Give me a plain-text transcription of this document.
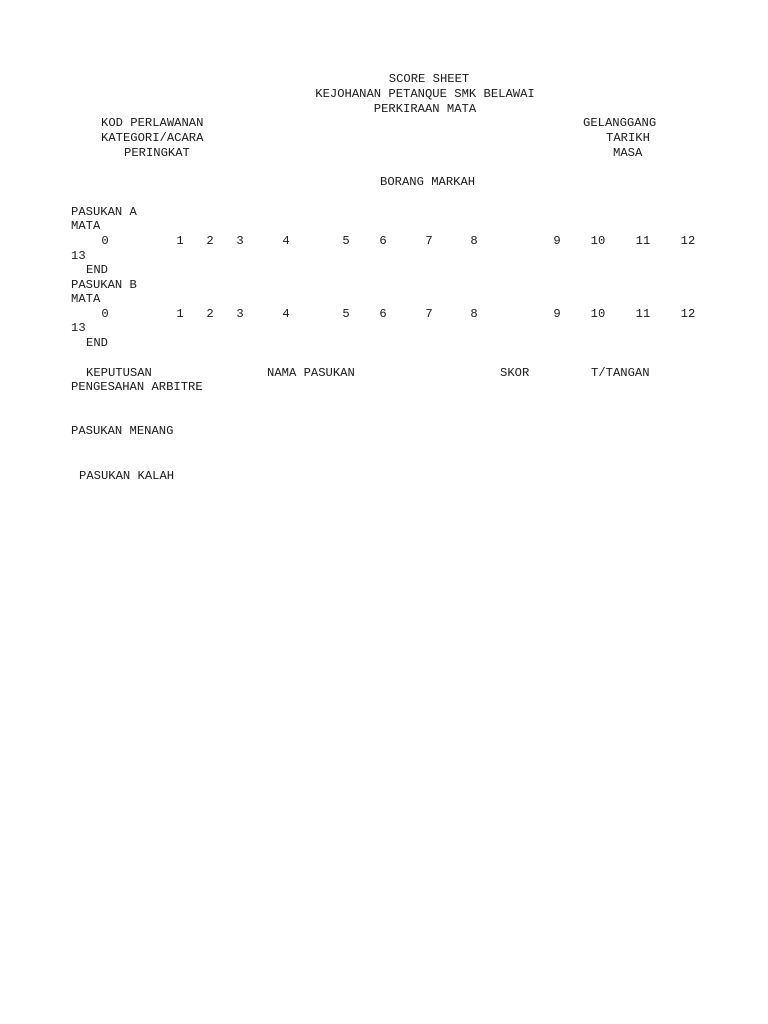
SCORE SHEET
KEJOHANAN PETANQUE SMK BELAWAI
PERKIRAAN MATA
KOD PERLAWANAN
KATEGORI/ACARA
PERINGKAT
GELANGGANG
TARIKH
MASA
BORANG MARKAH
PASUKAN A
MATA
0	1 2 3	4	5 6	7	8	9 10 11 12
13
END
PASUKAN B
MATA
0	1 2 3	4	5 6	7	8	9 10 11 12
13
END
KEPUTUSAN	NAMA PASUKAN	SKOR	T/TANGAN
PENGESAHAN ARBITRE
PASUKAN MENANG
PASUKAN KALAH
